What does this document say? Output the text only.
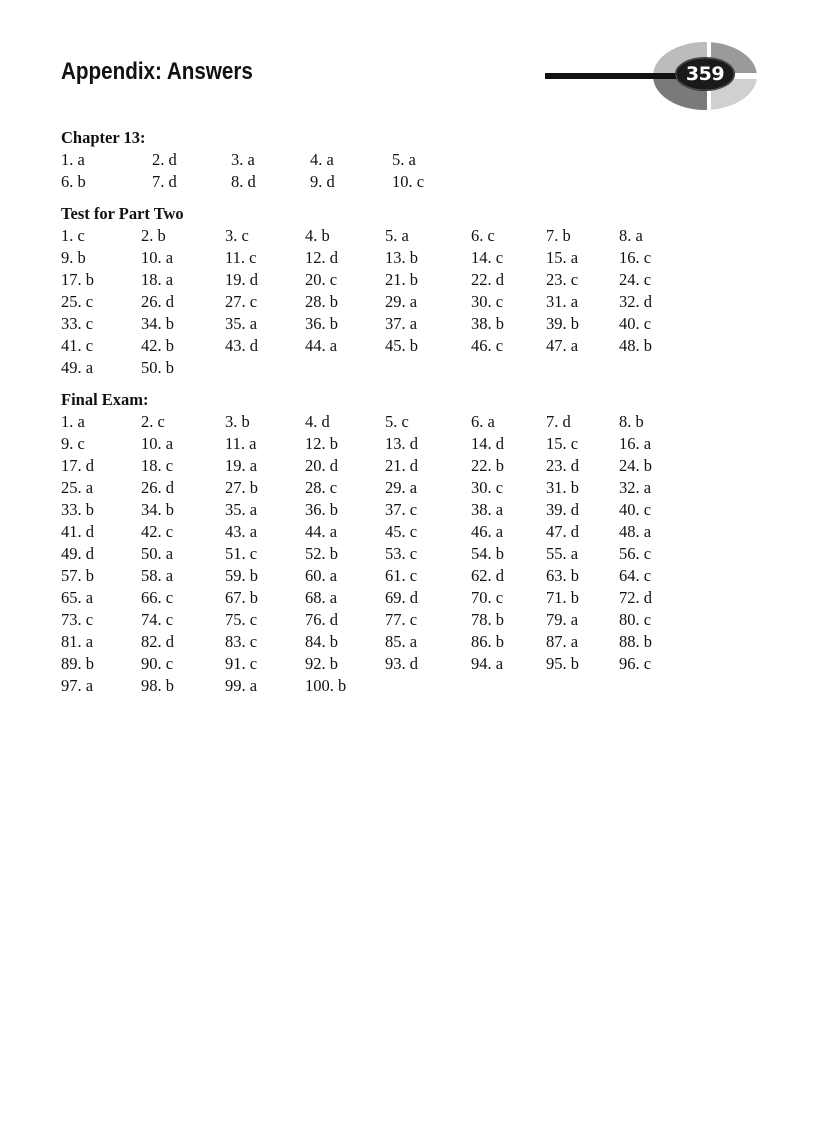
Appendix: Answers	359
Chapter 13:
1. a	2. d	3. a	4. a	5. a
6. b	7. d	8. d	9. d	10. c
Test for Part Two
1. c	2. b	3. c	4. b	5. a	6. c	7. b	8. a
9. b	10. a	11. c	12. d	13. b	14. c	15. a 16. c
17. b	18. a	19. d	20. c	21. b	22. d	23. c 24. c
25. c	26. d	27. c	28. b	29. a	30. c	31. a 32. d
33. c	34. b	35. a	36. b	37. a	38. b	39. b 40. c
41. c	42. b	43. d	44. a	45. b	46. c	47. a 48. b
49. a	50. b
Final Exam:
1. a	2. c	3. b	4. d	5. c	6. a	7. d	8. b
9. c	10. a	11. a	12. b	13. d	14. d	15. c 16. a
17. d	18. c	19. a	20. d	21. d	22. b	23. d 24. b
25. a	26. d	27. b	28. c	29. a	30. c	31. b 32. a
33. b	34. b	35. a	36. b	37. c	38. a	39. d 40. c
41. d	42. c	43. a	44. a	45. c	46. a	47. d 48. a
49. d	50. a	51. c	52. b	53. c	54. b	55. a 56. c
57. b	58. a	59. b	60. a	61. c	62. d	63. b 64. c
65. a	66. c	67. b	68. a	69. d	70. c	71. b 72. d
73. c	74. c	75. c	76. d	77. c	78. b	79. a 80. c
81. a	82. d	83. c	84. b	85. a	86. b	87. a 88. b
89. b	90. c	91. c	92. b	93. d	94. a	95. b 96. c
97. a	98. b	99. a	100. b
